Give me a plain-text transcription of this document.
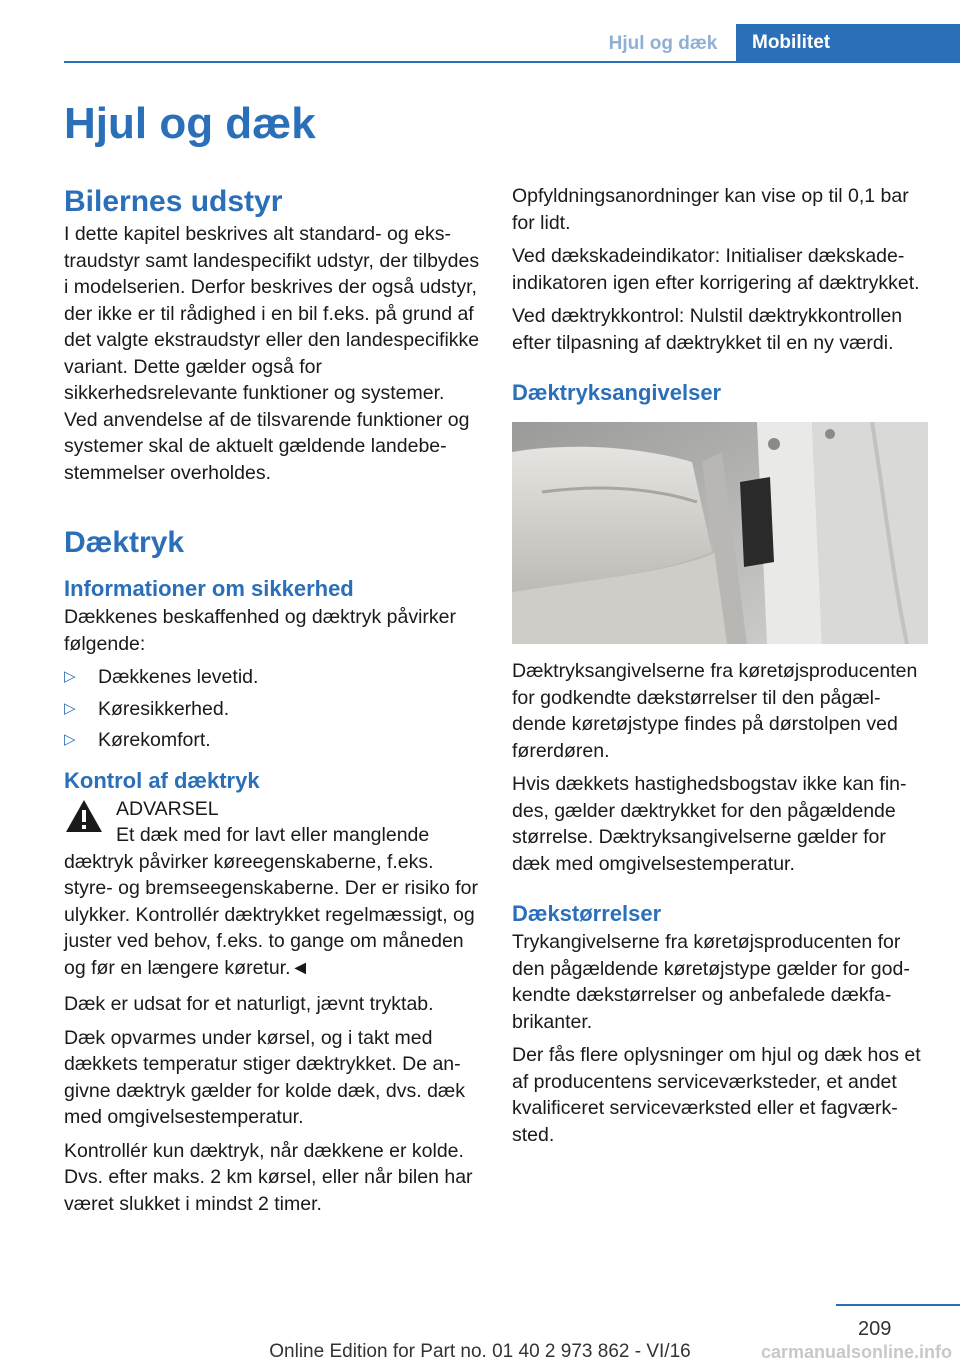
Hjul og dæk	Mobilitet
Hjul og dæk
Bilernes udstyr

I dette kapitel beskrives alt standard- og ekstraudstyr samt landespecifikt udstyr, der tilbydes i modelserien. Derfor beskrives der også udstyr, der ikke er til rådighed i en bil f.eks. på grund af det valgte ekstraudstyr eller den landespecifikke variant. Dette gælder også for sikkerhedsrelevante funktioner og systemer. Ved anvendelse af de tilsvarende funktioner og systemer skal de aktuelt gældende landebestemmelser overholdes.

Dæktryk
Informationer om sikkerhed

Dækkenes beskaffenhed og dæktryk påvirker følgende:

▷ Dækkenes levetid.
▷ Køresikkerhed.
▷ Kørekomfort.
Kontrol af dæktryk
ADVARSEL

Et dæk med for lavt eller manglende dæktryk påvirker køreegenskaberne, f.eks. styre- og bremseegenskaberne. Der er risiko for ulykker. Kontrollér dæktrykket regelmæssigt, og juster ved behov, f.eks. to gange om måneden og før en længere køretur.◄

Dæk er udsat for et naturligt, jævnt tryktab.

Dæk opvarmes under kørsel, og i takt med dækkets temperatur stiger dæktrykket. De angivne dæktryk gælder for kolde dæk, dvs. dæk med omgivelsestemperatur.

Kontrollér kun dæktryk, når dækkene er kolde. Dvs. efter maks. 2 km kørsel, eller når bilen har været slukket i mindst 2 timer.

Opfyldningsanordninger kan vise op til 0,1 bar for lidt.

Ved dækskadeindikator: Initialiser dækskadeindikatoren igen efter korrigering af dæktrykket.

Ved dæktrykkontrol: Nulstil dæktrykkontrollen efter tilpasning af dæktrykket til en ny værdi.

Dæktryksangivelser

Dæktryksangivelserne fra køretøjsproducenten for godkendte dækstørrelser til den pågældende køretøjstype findes på dørstolpen ved førerdøren.

Hvis dækkets hastighedsbogstav ikke kan findes, gælder dæktrykket for den pågældende størrelse. Dæktryksangivelserne gælder for dæk med omgivelsestemperatur.

Dækstørrelser

Trykangivelserne fra køretøjsproducenten for den pågældende køretøjstype gælder for godkendte dækstørrelser og anbefalede dækfabrikanter.

Der fås flere oplysninger om hjul og dæk hos et af producentens serviceværksteder, et andet kvalificeret serviceværksted eller et fagværksted.

209
Online Edition for Part no. 01 40 2 973 862 - VI/16	carmanualsonline.info
